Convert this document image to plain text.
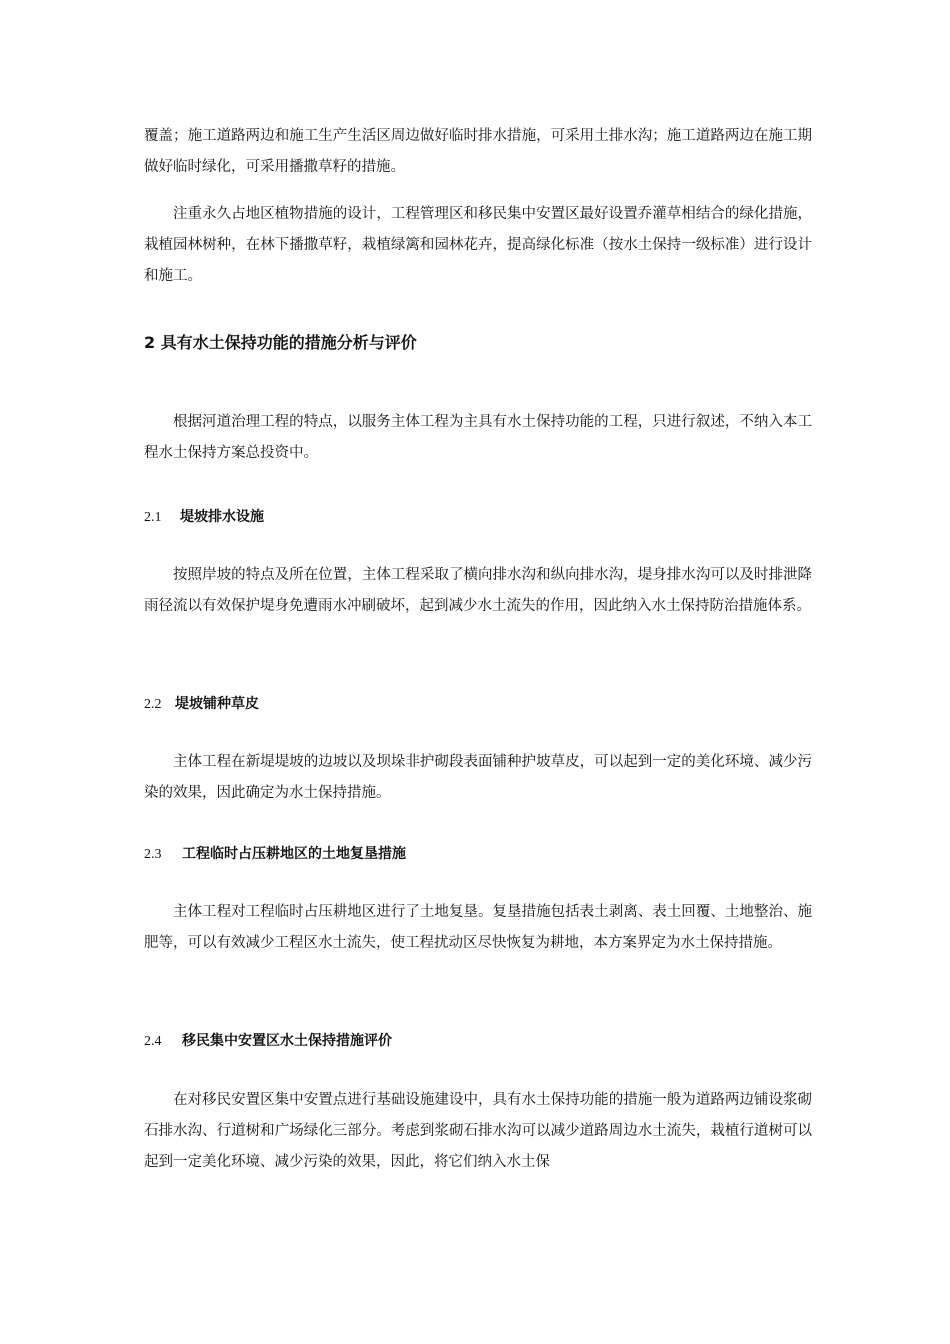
覆盖；施工道路两边和施工生产生活区周边做好临时排水措施，可采用土排水沟；施工道路两边在施工期做好临时绿化，可采用播撒草籽的措施。

注重永久占地区植物措施的设计，工程管理区和移民集中安置区最好设置乔灌草相结合的绿化措施，栽植园林树种，在林下播撒草籽，栽植绿篱和园林花卉，提高绿化标准（按水土保持一级标准）进行设计和施工。

2 具有水土保持功能的措施分析与评价

根据河道治理工程的特点，以服务主体工程为主具有水土保持功能的工程，只进行叙述，不纳入本工程水土保持方案总投资中。

2.1 堤坡排水设施

按照岸坡的特点及所在位置，主体工程采取了横向排水沟和纵向排水沟，堤身排水沟可以及时排泄降雨径流以有效保护堤身免遭雨水冲刷破坏，起到减少水土流失的作用，因此纳入水土保持防治措施体系。

2.2 堤坡铺种草皮

主体工程在新堤堤坡的边坡以及坝垛非护砌段表面铺种护坡草皮，可以起到一定的美化环境、减少污染的效果，因此确定为水土保持措施。

2.3 工程临时占压耕地区的土地复垦措施

主体工程对工程临时占压耕地区进行了土地复垦。复垦措施包括表土剥离、表土回覆、土地整治、施肥等，可以有效减少工程区水土流失，使工程扰动区尽快恢复为耕地，本方案界定为水土保持措施。

2.4 移民集中安置区水土保持措施评价

在对移民安置区集中安置点进行基础设施建设中，具有水土保持功能的措施一般为道路两边铺设浆砌石排水沟、行道树和广场绿化三部分。考虑到浆砌石排水沟可以减少道路周边水土流失，栽植行道树可以起到一定美化环境、减少污染的效果，因此，将它们纳入水土保
